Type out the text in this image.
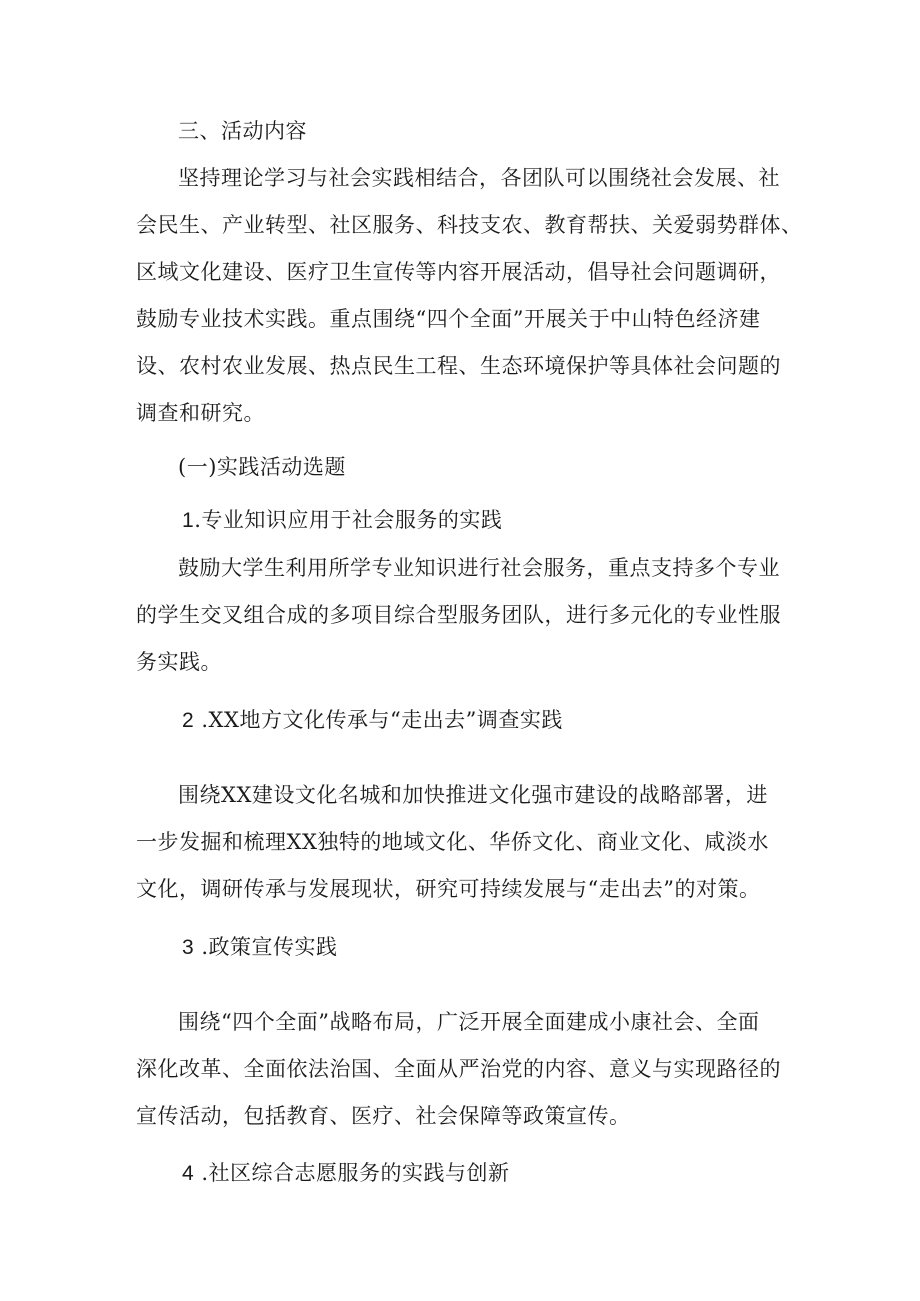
三、活动内容
坚持理论学习与社会实践相结合，各团队可以围绕社会发展、社
会民生、产业转型、社区服务、科技支农、教育帮扶、关爱弱势群体、
区域文化建设、医疗卫生宣传等内容开展活动，倡导社会问题调研，
鼓励专业技术实践。重点围绕“四个全面”开展关于中山特色经济建
设、农村农业发展、热点民生工程、生态环境保护等具体社会问题的
调查和研究。
(一)实践活动选题
1.专业知识应用于社会服务的实践
鼓励大学生利用所学专业知识进行社会服务，重点支持多个专业
的学生交叉组合成的多项目综合型服务团队，进行多元化的专业性服
务实践。
2 .XX地方文化传承与“走出去”调查实践
围绕XX建设文化名城和加快推进文化强市建设的战略部署，进
一步发掘和梳理XX独特的地域文化、华侨文化、商业文化、咸淡水
文化，调研传承与发展现状，研究可持续发展与“走出去”的对策。
3 .政策宣传实践
围绕“四个全面”战略布局，广泛开展全面建成小康社会、全面
深化改革、全面依法治国、全面从严治党的内容、意义与实现路径的
宣传活动，包括教育、医疗、社会保障等政策宣传。
4 .社区综合志愿服务的实践与创新
